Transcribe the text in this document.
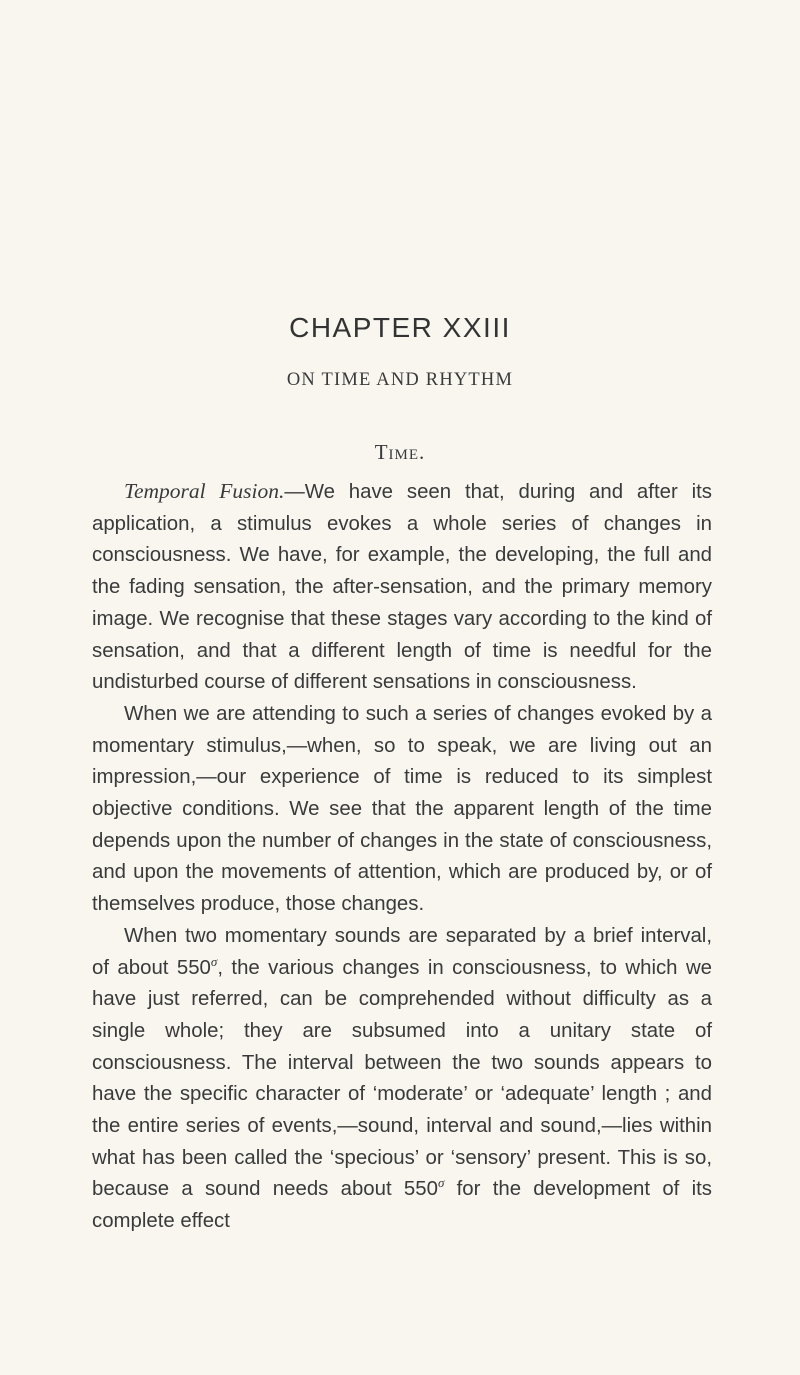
CHAPTER XXIII
ON TIME AND RHYTHM
Time.

Temporal Fusion.—We have seen that, during and after its application, a stimulus evokes a whole series of changes in consciousness. We have, for example, the developing, the full and the fading sensation, the after-sensation, and the primary memory image. We recognise that these stages vary according to the kind of sensation, and that a different length of time is needful for the undisturbed course of different sensations in consciousness.

When we are attending to such a series of changes evoked by a momentary stimulus,—when, so to speak, we are living out an impression,—our experience of time is reduced to its simplest objective conditions. We see that the apparent length of the time depends upon the number of changes in the state of consciousness, and upon the movements of attention, which are produced by, or of themselves produce, those changes.

When two momentary sounds are separated by a brief interval, of about $550^\sigma$, the various changes in consciousness, to which we have just referred, can be comprehended without difficulty as a single whole; they are subsumed into a unitary state of consciousness. The interval between the two sounds appears to have the specific character of ‘moderate’ or ‘adequate’ length ; and the entire series of events,—sound, interval and sound,—lies within what has been called the ‘specious’ or ‘sensory’ present. This is so, because a sound needs about $550^\sigma$ for the development of its complete effect
